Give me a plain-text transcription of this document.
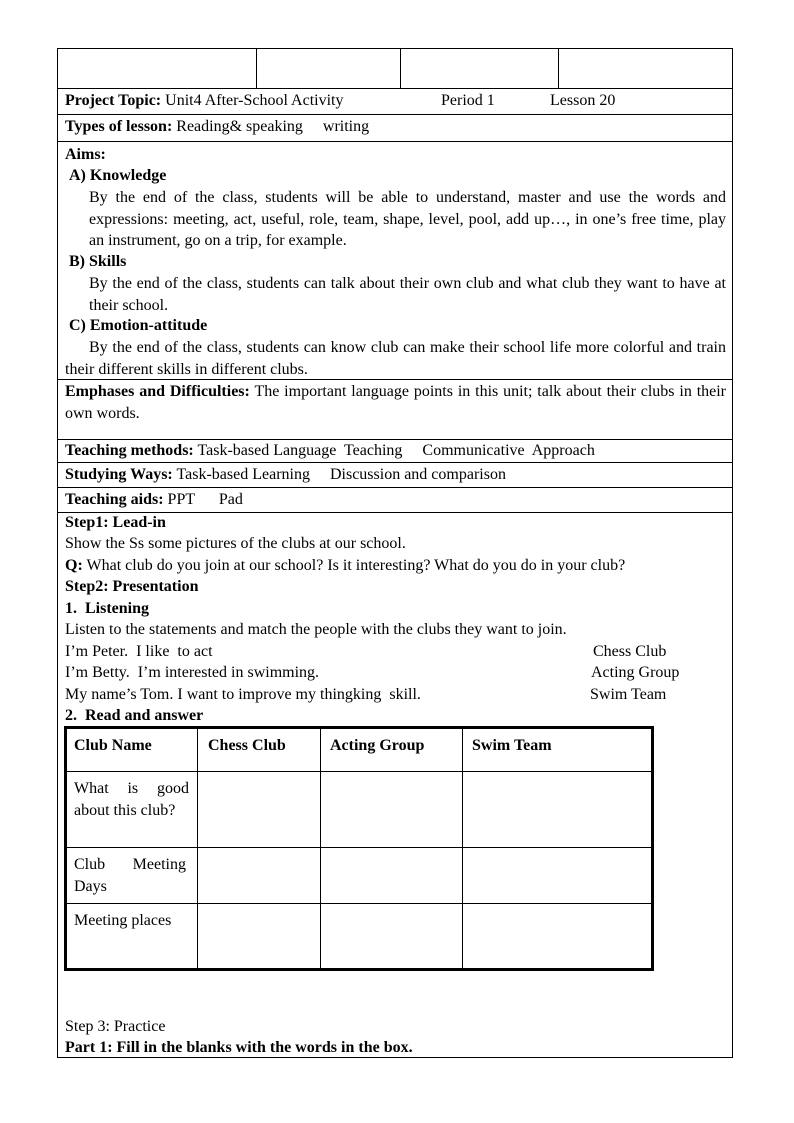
Project Topic: Unit4 After-School Activity	Period 1	Lesson 20
Types of lesson: Reading& speaking     writing
Aims:
A) Knowledge
By the end of the class, students will be able to understand, master and use the words and expressions: meeting, act, useful, role, team, shape, level, pool, add up…, in one’s free time, play an instrument, go on a trip, for example.
B) Skills
By the end of the class, students can talk about their own club and what club they want to have at their school.
C) Emotion-attitude
By the end of the class, students can know club can make their school life more colorful and train their different skills in different clubs.
Emphases and Difficulties: The important language points in this unit; talk about their clubs in their own words.
Teaching methods: Task-based Language  Teaching     Communicative  Approach
Studying Ways: Task-based Learning     Discussion and comparison
Teaching aids: PPT      Pad
Step1: Lead-in
Show the Ss some pictures of the clubs at our school.
Q: What club do you join at our school? Is it interesting? What do you do in your club?
Step2: Presentation
1.  Listening
Listen to the statements and match the people with the clubs they want to join.
I’m Peter.  I like  to act	Chess Club
I’m Betty.  I’m interested in swimming.	Acting Group
My name’s Tom. I want to improve my thingking  skill.	Swim Team
2.  Read and answer
Club Name	Chess Club	Acting Group	Swim Team
What is good about this club?
Club Meeting Days
Meeting places
Step 3: Practice
Part 1: Fill in the blanks with the words in the box.
